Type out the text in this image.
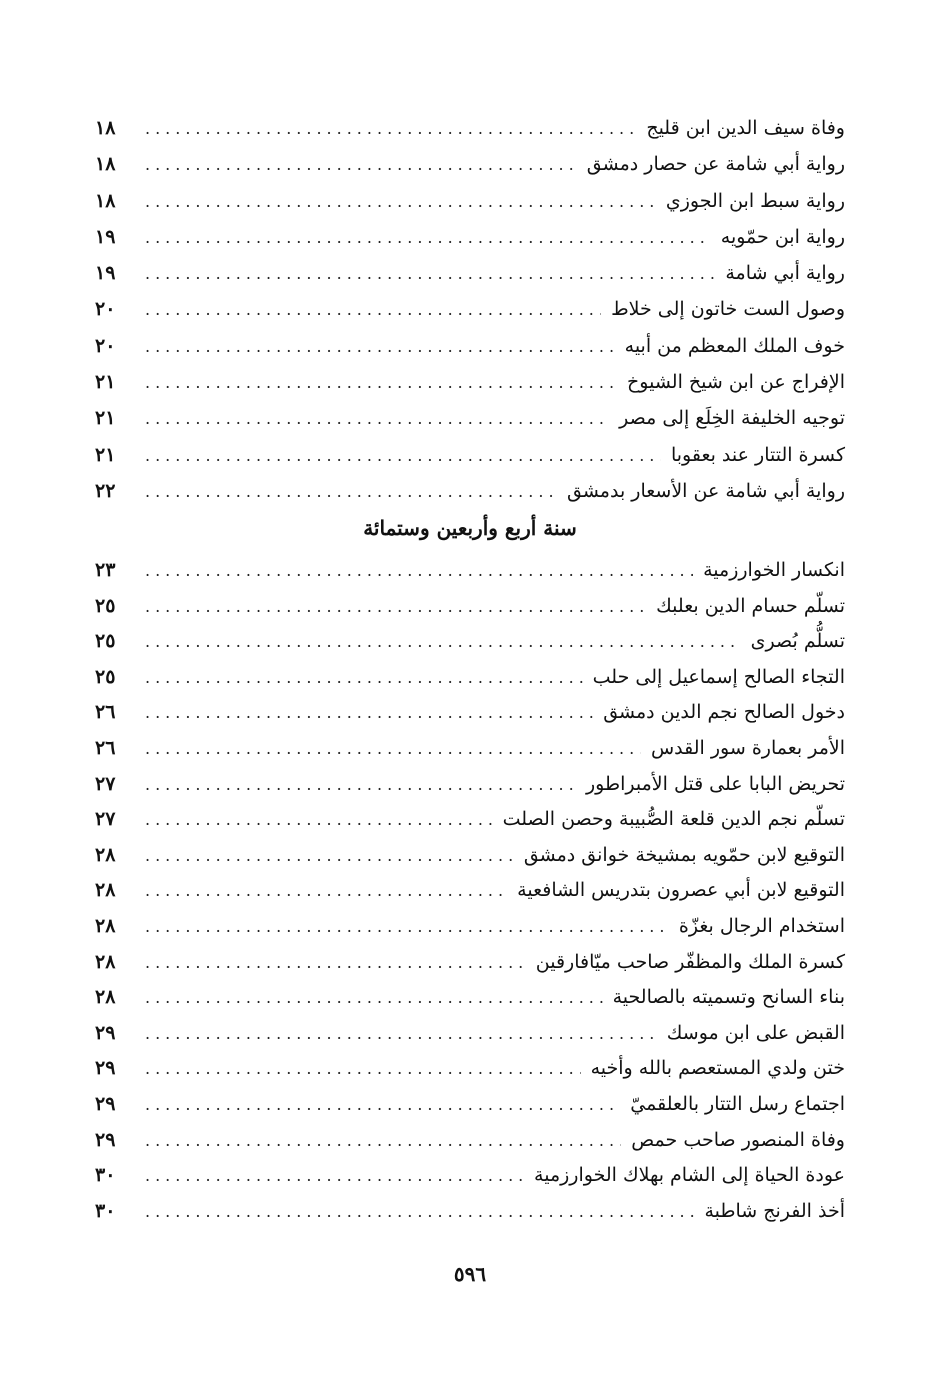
وفاة سيف الدين ابن قليج
.....
١٨
رواية أبي شامة عن حصار دمشق
.....
١٨
رواية سبط ابن الجوزي
.....
١٨
رواية ابن حمّويه
.....
١٩
رواية أبي شامة
.....
١٩
وصول الست خاتون إلى خلاط
.....
٢٠
خوف الملك المعظم من أبيه
.....
٢٠
الإفراج عن ابن شيخ الشيوخ
.....
٢١
توجيه الخليفة الخِلَع إلى مصر
.....
٢١
كسرة التتار عند بعقوبا
.....
٢١
رواية أبي شامة عن الأسعار بدمشق
.....
٢٢
سنة أربع وأربعين وستمائة
انكسار الخوارزمية
.....
٢٣
تسلّم حسام الدين بعلبك
.....
٢٥
تسلُّم بُصرى
.....
٢٥
التجاء الصالح إسماعيل إلى حلب
.....
٢٥
دخول الصالح نجم الدين دمشق
.....
٢٦
الأمر بعمارة سور القدس
.....
٢٦
تحريض البابا على قتل الأمبراطور
.....
٢٧
تسلّم نجم الدين قلعة الصُّبيبة وحصن الصلت
.....
٢٧
التوقيع لابن حمّويه بمشيخة خوانق دمشق
.....
٢٨
التوقيع لابن أبي عصرون بتدريس الشافعية
.....
٢٨
استخدام الرجال بغزّة
.....
٢٨
كسرة الملك والمظفّر صاحب ميّافارقين
.....
٢٨
بناء السانح وتسميته بالصالحية
.....
٢٨
القبض على ابن موسك
.....
٢٩
ختن ولدي المستعصم بالله وأخيه
.....
٢٩
اجتماع رسل التتار بالعلقميّ
.....
٢٩
وفاة المنصور صاحب حمص
.....
٢٩
عودة الحياة إلى الشام بهلاك الخوارزمية
.....
٣٠
أخذ الفرنج شاطبة
.....
٣٠
٥٩٦
